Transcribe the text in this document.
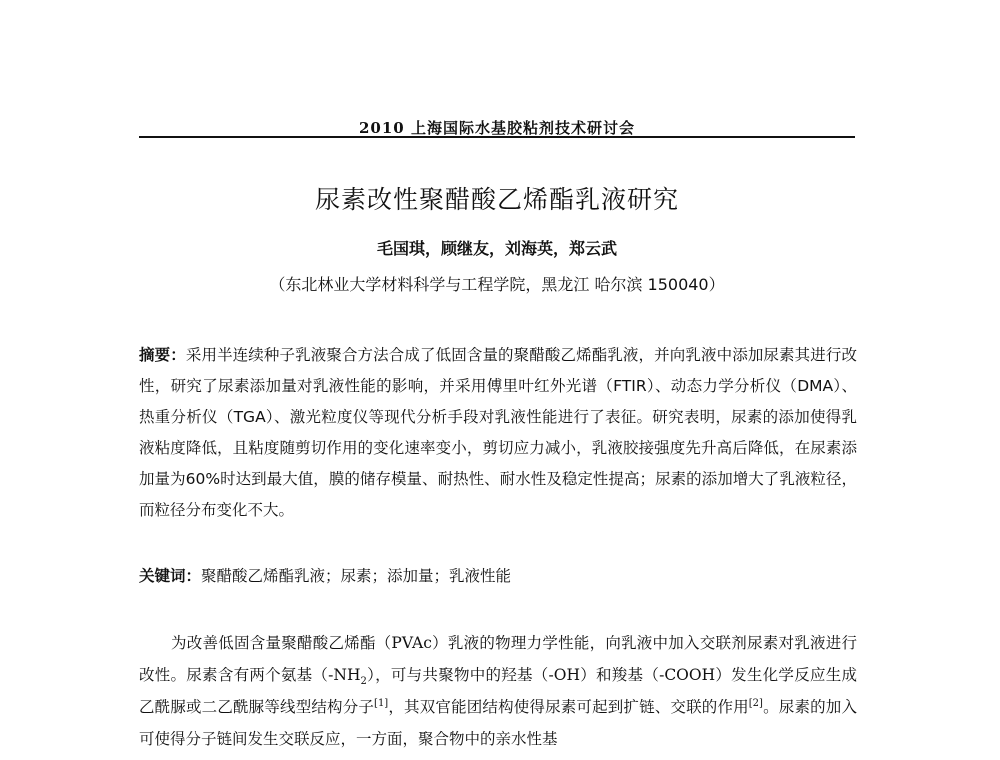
2010 上海国际水基胶粘剂技术研讨会
尿素改性聚醋酸乙烯酯乳液研究
毛国琪，顾继友，刘海英，郑云武
（东北林业大学材料科学与工程学院，黑龙江 哈尔滨 150040）
摘要：采用半连续种子乳液聚合方法合成了低固含量的聚醋酸乙烯酯乳液，并向乳液中添加尿素其进行改性，研究了尿素添加量对乳液性能的影响，并采用傅里叶红外光谱（FTIR）、动态力学分析仪（DMA）、热重分析仪（TGA）、激光粒度仪等现代分析手段对乳液性能进行了表征。研究表明，尿素的添加使得乳液粘度降低，且粘度随剪切作用的变化速率变小，剪切应力减小，乳液胶接强度先升高后降低，在尿素添加量为60%时达到最大值，膜的储存模量、耐热性、耐水性及稳定性提高；尿素的添加增大了乳液粒径，而粒径分布变化不大。
关键词：聚醋酸乙烯酯乳液；尿素；添加量；乳液性能
为改善低固含量聚醋酸乙烯酯（PVAc）乳液的物理力学性能，向乳液中加入交联剂尿素对乳液进行改性。尿素含有两个氨基$(-NH_2)$，可与共聚物中的羟基（-OH）和羧基（-COOH）发生化学反应生成乙酰脲或二乙酰脲等线型结构分子[1]，其双官能团结构使得尿素可起到扩链、交联的作用[2]。尿素的加入可使得分子链间发生交联反应，一方面，聚合物中的亲水性基
